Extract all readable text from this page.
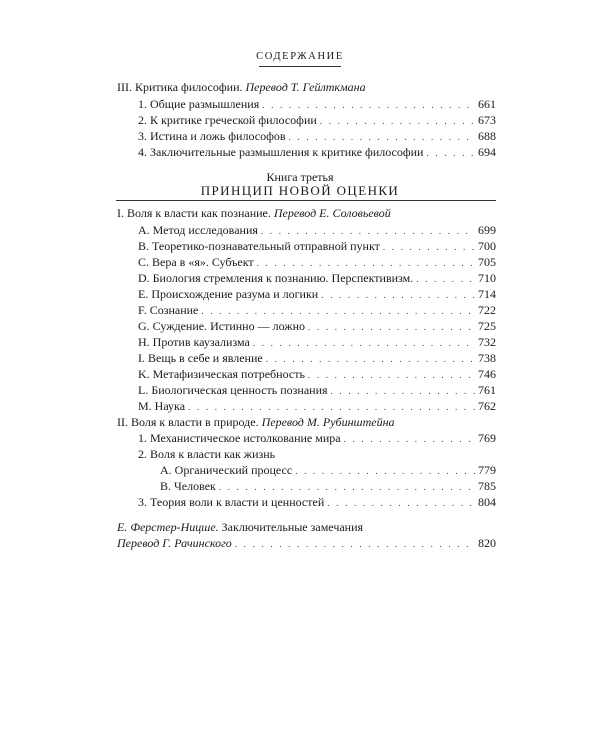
СОДЕРЖАНИЕ
III. Критика философии. Перевод Т. Гейлткмана
1. Общие размышления . . .	661
2. К критике греческой философии . . .	673
3. Истина и ложь философов . . .	688
4. Заключительные размышления к критике философии . . .	694
Книга третья
ПРИНЦИП НОВОЙ ОЦЕНКИ
I. Воля к власти как познание. Перевод Е. Соловьевой
A. Метод исследования . . .	699
B. Теоретико-познавательный отправной пункт . . .	700
C. Вера в «я». Субъект . . .	705
D. Биология стремления к познанию. Перспективизм. . . .	710
E. Происхождение разума и логики . . .	714
F. Сознание . . .	722
G. Суждение. Истинно — ложно . . .	725
H. Против каузализма . . .	732
I. Вещь в себе и явление . . .	738
K. Метафизическая потребность . . .	746
L. Биологическая ценность познания . . .	761
M. Наука . . .	762
II. Воля к власти в природе. Перевод М. Рубинштейна
1. Механистическое истолкование мира . . .	769
2. Воля к власти как жизнь
A. Органический процесс . . .	779
B. Человек . . .	785
3. Теория воли к власти и ценностей . . .	804
Е. Ферстер-Ницше. Заключительные замечания
Перевод Г. Рачинского . . .	820
